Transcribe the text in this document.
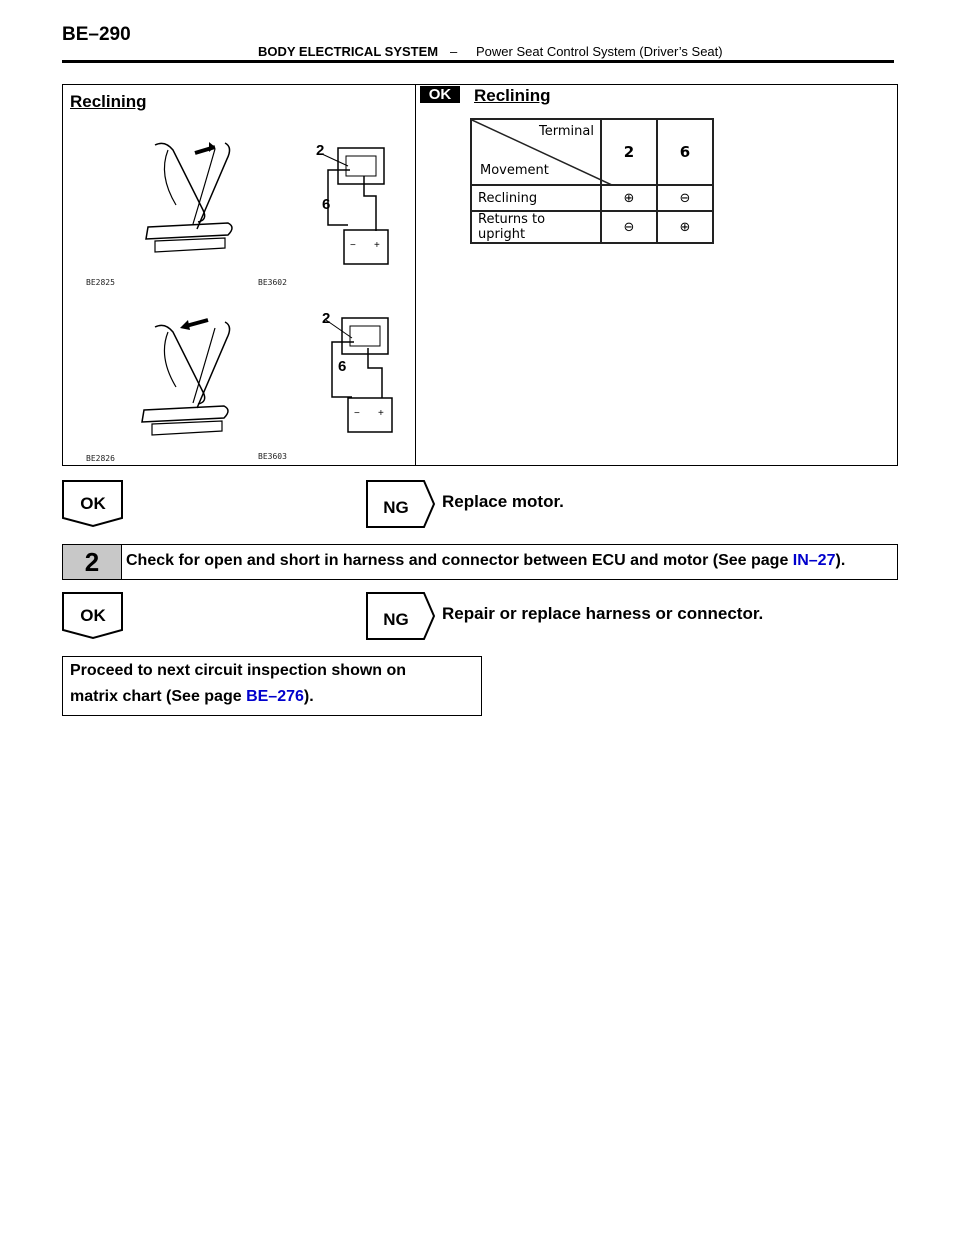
BE–290
BODY ELECTRICAL SYSTEM – Power Seat Control System (Driver’s Seat)
Reclining
BE2825	BE3602
− +
2
6
BE2826	BE3603
− +
2
6
OK	Reclining
Terminal
Movement	2	6
Reclining	⊕	⊖
Returns to upright	⊖	⊕
OK	NG	Replace motor.
2	Check for open and short in harness and connector between ECU and motor (See page IN–27).
OK	NG	Repair or replace harness or connector.
Proceed to next circuit inspection shown on
matrix chart (See page BE–276).
